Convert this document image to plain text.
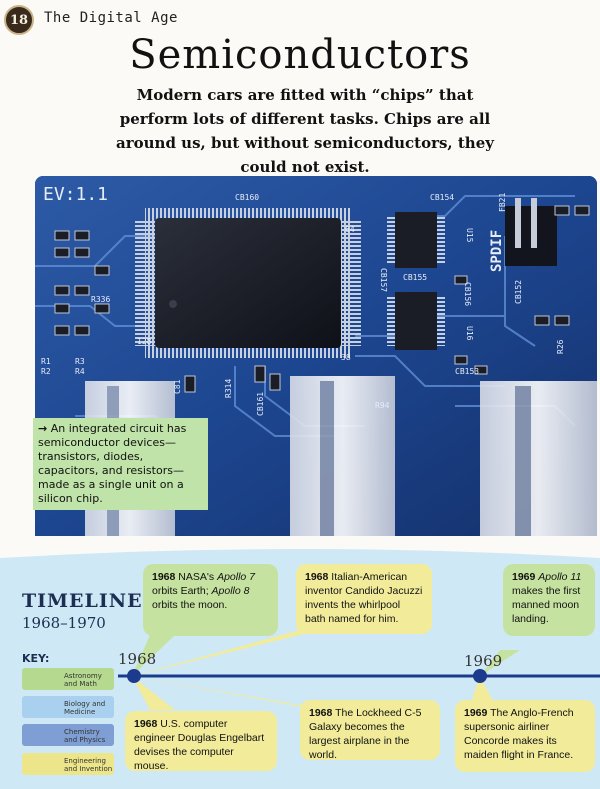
18	The Digital Age
Semiconductors
Modern cars are fitted with “chips” that perform lots of different tasks. Chips are all around us, but without semiconductors, they could not exist.
EV:1.1
SPDIF
CB154
CB155
CB156
CB157	CB152
CB153
U15
U16
R26
R94
R314
C81
CB161
CB160
64
38
128
R1
R2
R3
R4
FB21
R336
→ An integrated circuit has semiconductor devices—transistors, diodes, capacitors, and resistors—made as a single unit on a silicon chip.
TIMELINE
1968–1970
KEY:
Astronomy and Math
Biology and Medicine
Chemistry and Physics
Engineering and Invention
1968	1969
1968 NASA's Apollo 7 orbits Earth; Apollo 8 orbits the moon.
1968 Italian-American inventor Candido Jacuzzi invents the whirlpool bath named for him.
1969 Apollo 11 makes the first manned moon landing.
1968 U.S. computer engineer Douglas Engelbart devises the computer mouse.
1968 The Lockheed C-5 Galaxy becomes the largest airplane in the world.
1969 The Anglo-French supersonic airliner Concorde makes its maiden flight in France.
